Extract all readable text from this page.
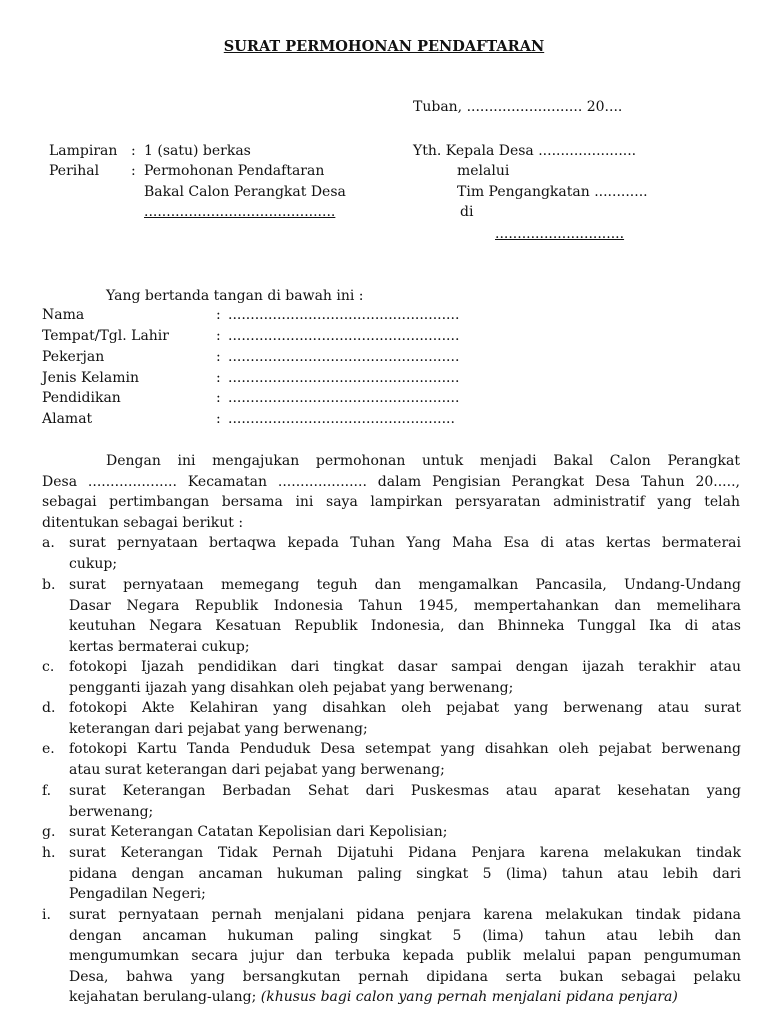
SURAT PERMOHONAN PENDAFTARAN
Tuban, .......................... 20....
Lampiran : 1 (satu) berkas
Perihal : Permohonan Pendaftaran
Bakal Calon Perangkat Desa
...........................................
Yth. Kepala Desa ......................
melalui
Tim Pengangkatan ............
di
.............................
Yang bertanda tangan di bawah ini :
Nama	: ....................................................
Tempat/Tgl. Lahir	: ....................................................
Pekerjan	: ....................................................
Jenis Kelamin	: ....................................................
Pendidikan	: ....................................................
Alamat	: ...................................................
Dengan ini mengajukan permohonan untuk menjadi Bakal Calon Perangkat
Desa .................... Kecamatan .................... dalam Pengisian Perangkat Desa Tahun 20.....,
sebagai pertimbangan bersama ini saya lampirkan persyaratan administratif yang telah
ditentukan sebagai berikut :
a. surat pernyataan bertaqwa kepada Tuhan Yang Maha Esa di atas kertas bermaterai
cukup;
b. surat pernyataan memegang teguh dan mengamalkan Pancasila, Undang-Undang
Dasar Negara Republik Indonesia Tahun 1945, mempertahankan dan memelihara
keutuhan Negara Kesatuan Republik Indonesia, dan Bhinneka Tunggal Ika di atas
kertas bermaterai cukup;
c. fotokopi Ijazah pendidikan dari tingkat dasar sampai dengan ijazah terakhir atau
pengganti ijazah yang disahkan oleh pejabat yang berwenang;
d. fotokopi Akte Kelahiran yang disahkan oleh pejabat yang berwenang atau surat
keterangan dari pejabat yang berwenang;
e. fotokopi Kartu Tanda Penduduk Desa setempat yang disahkan oleh pejabat berwenang
atau surat keterangan dari pejabat yang berwenang;
f. surat Keterangan Berbadan Sehat dari Puskesmas atau aparat kesehatan yang
berwenang;
g. surat Keterangan Catatan Kepolisian dari Kepolisian;
h. surat Keterangan Tidak Pernah Dijatuhi Pidana Penjara karena melakukan tindak
pidana dengan ancaman hukuman paling singkat 5 (lima) tahun atau lebih dari
Pengadilan Negeri;
i. surat pernyataan pernah menjalani pidana penjara karena melakukan tindak pidana
dengan ancaman hukuman paling singkat 5 (lima) tahun atau lebih dan
mengumumkan secara jujur dan terbuka kepada publik melalui papan pengumuman
Desa, bahwa yang bersangkutan pernah dipidana serta bukan sebagai pelaku
kejahatan berulang-ulang; (khusus bagi calon yang pernah menjalani pidana penjara)
